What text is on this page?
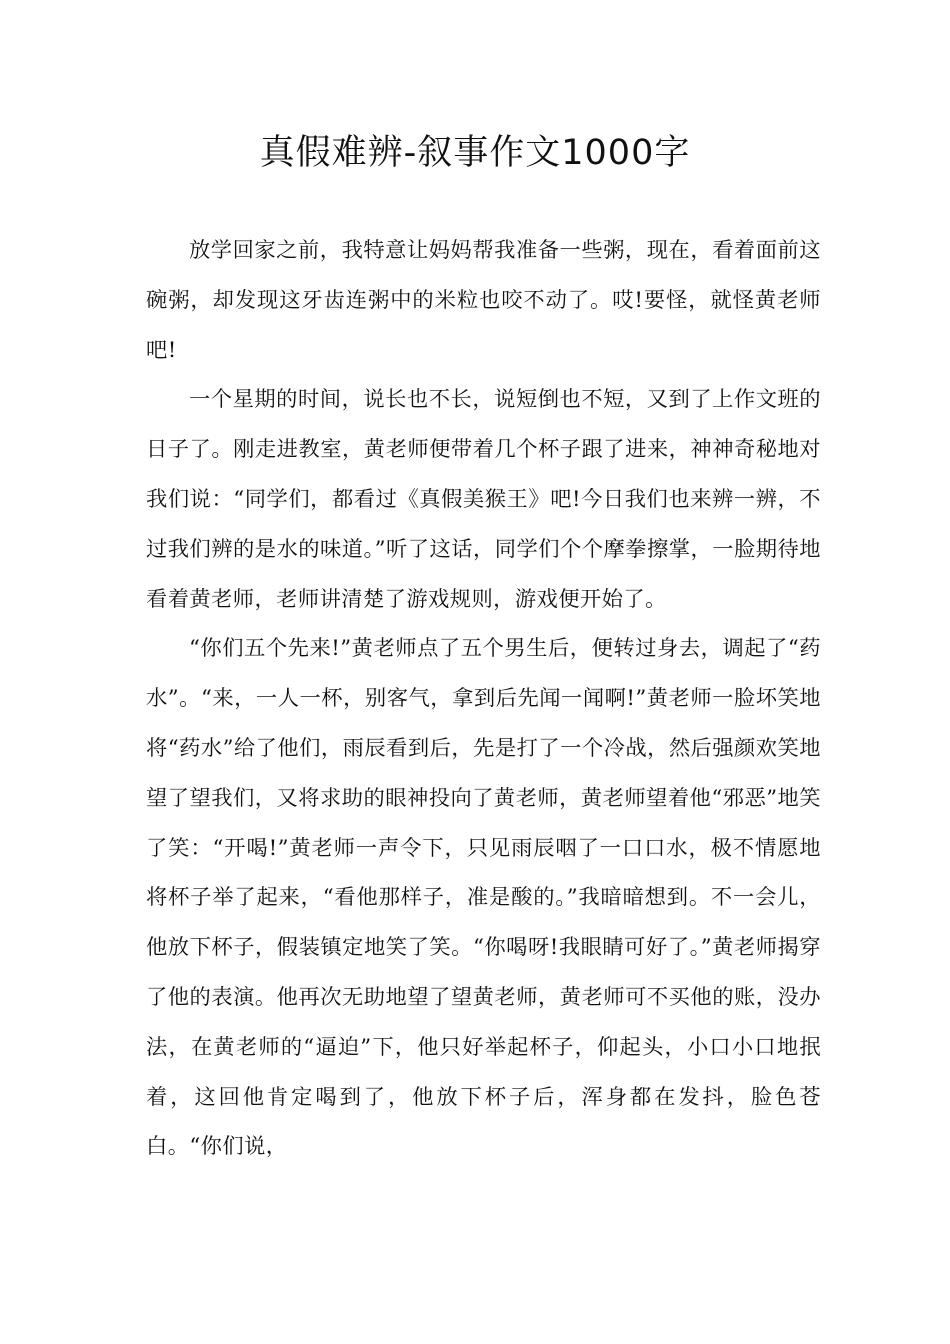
真假难辨-叙事作文1000字

放学回家之前，我特意让妈妈帮我准备一些粥，现在，看着面前这碗粥，却发现这牙齿连粥中的米粒也咬不动了。哎!要怪，就怪黄老师吧!

一个星期的时间，说长也不长，说短倒也不短，又到了上作文班的日子了。刚走进教室，黄老师便带着几个杯子跟了进来，神神奇秘地对我们说：“同学们，都看过《真假美猴王》吧!今日我们也来辨一辨，不过我们辨的是水的味道。”听了这话，同学们个个摩拳擦掌，一脸期待地看着黄老师，老师讲清楚了游戏规则，游戏便开始了。

“你们五个先来!”黄老师点了五个男生后，便转过身去，调起了“药水”。“来，一人一杯，别客气，拿到后先闻一闻啊!”黄老师一脸坏笑地将“药水”给了他们，雨辰看到后，先是打了一个冷战，然后强颜欢笑地望了望我们，又将求助的眼神投向了黄老师，黄老师望着他“邪恶”地笑了笑：“开喝!”黄老师一声令下，只见雨辰咽了一口口水，极不情愿地将杯子举了起来，“看他那样子，准是酸的。”我暗暗想到。不一会儿，他放下杯子，假装镇定地笑了笑。“你喝呀!我眼睛可好了。”黄老师揭穿了他的表演。他再次无助地望了望黄老师，黄老师可不买他的账，没办法，在黄老师的“逼迫”下，他只好举起杯子，仰起头，小口小口地抿着，这回他肯定喝到了，他放下杯子后，浑身都在发抖，脸色苍白。“你们说，
